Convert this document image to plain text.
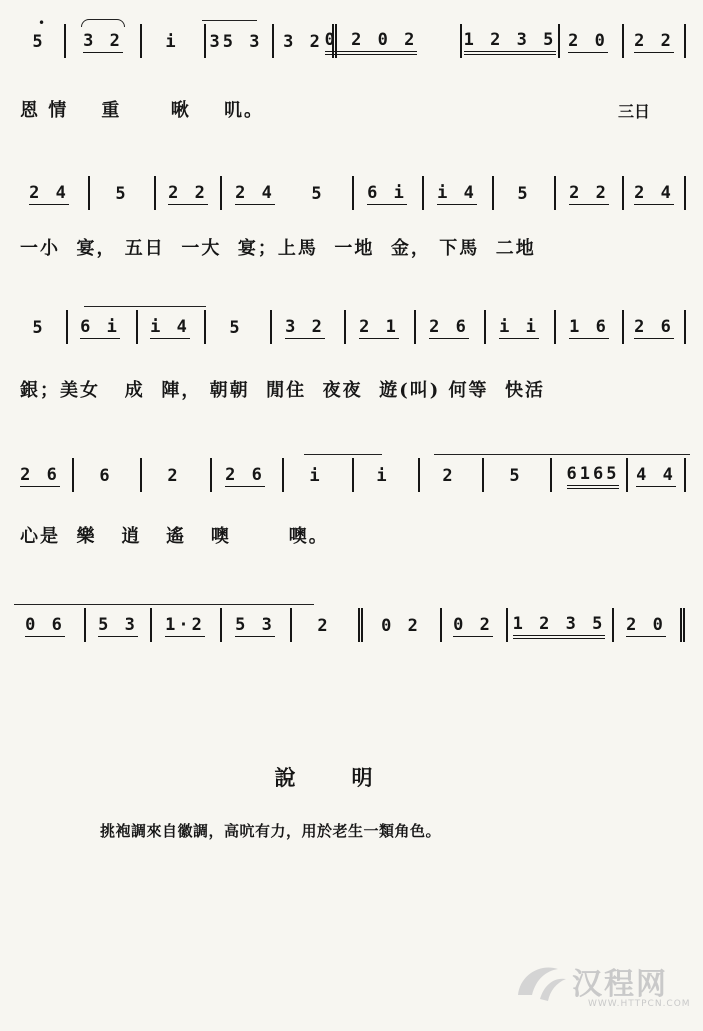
5
•
3 2	i 35 3 3 2 0 2 0 2	1 2 3 5 2 0 2 2
恩 情    重      啾    叽。	三日
2 4	5 2 2 2 4 5	6 i i 4 5 2 2 2 4
一小  宴， 五日  一大  宴；上馬  一地  金， 下馬  二地
5 6 i i 4 5	3 2 2 1 2 6 i i 1 6 2 6
銀；美女   成  陣， 朝朝  閒住  夜夜  遊(叫) 何等  快活
2 6 6	2	2 6	i	i	2	5	6165 4 4
心是  樂   逍   遙   噢       噢。
0 6 5 3 1·2 5 3	2	0 2 0 2 1 2 3 5 2 0
說明
挑袍調來自徽調，高吭有力，用於老生一類角色。
汉程网
WWW.HTTPCN.COM
